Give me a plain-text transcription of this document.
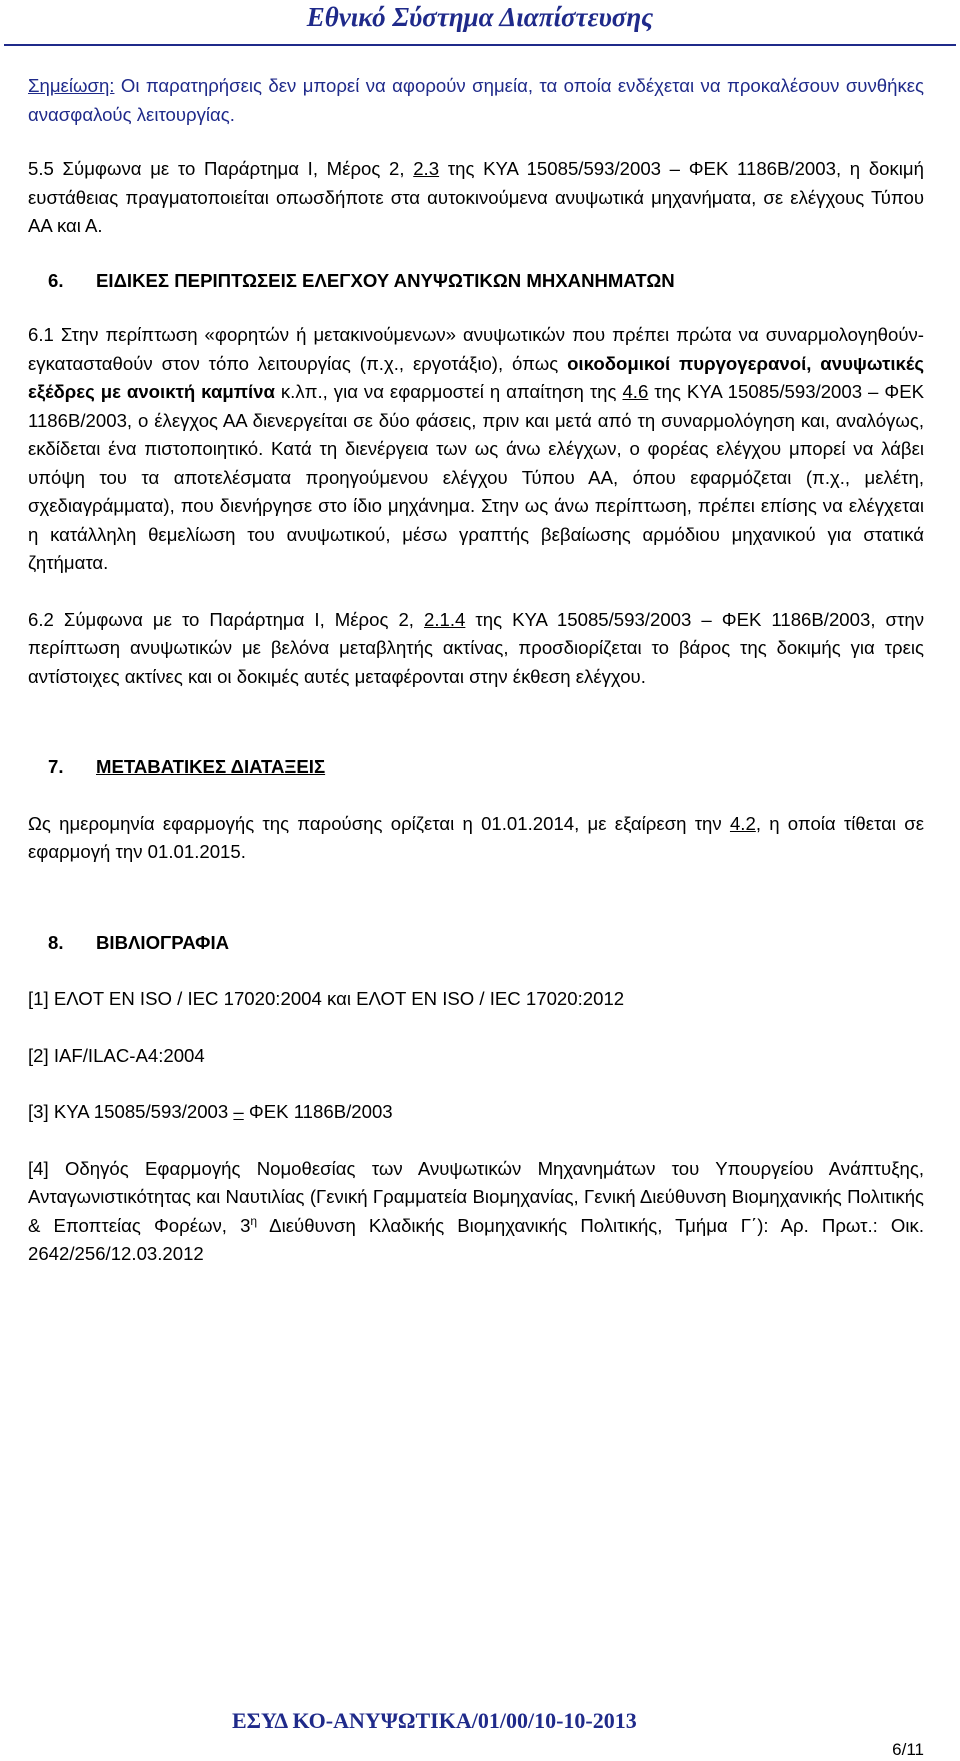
Εθνικό Σύστημα Διαπίστευσης

Σημείωση: Οι παρατηρήσεις δεν μπορεί να αφορούν σημεία, τα οποία ενδέχεται να προκαλέσουν συνθήκες ανασφαλούς λειτουργίας.

5.5 Σύμφωνα με το Παράρτημα Ι, Μέρος 2, 2.3 της ΚΥΑ 15085/593/2003 – ΦΕΚ 1186Β/2003, η δοκιμή ευστάθειας πραγματοποιείται οπωσδήποτε στα αυτοκινούμενα ανυψωτικά μηχανήματα, σε ελέγχους Τύπου ΑΑ και Α.

6. ΕΙΔΙΚΕΣ ΠΕΡΙΠΤΩΣΕΙΣ ΕΛΕΓΧΟΥ ΑΝΥΨΩΤΙΚΩΝ ΜΗΧΑΝΗΜΑΤΩΝ

6.1 Στην περίπτωση «φορητών ή μετακινούμενων» ανυψωτικών που πρέπει πρώτα να συναρμολογηθούν-εγκατασταθούν στον τόπο λειτουργίας (π.χ., εργοτάξιο), όπως οικοδομικοί πυργογερανοί, ανυψωτικές εξέδρες με ανοικτή καμπίνα κ.λπ., για να εφαρμοστεί η απαίτηση της 4.6 της ΚΥΑ 15085/593/2003 – ΦΕΚ 1186Β/2003, ο έλεγχος ΑΑ διενεργείται σε δύο φάσεις, πριν και μετά από τη συναρμολόγηση και, αναλόγως, εκδίδεται ένα πιστοποιητικό. Κατά τη διενέργεια των ως άνω ελέγχων, ο φορέας ελέγχου μπορεί να λάβει υπόψη του τα αποτελέσματα προηγούμενου ελέγχου Τύπου ΑΑ, όπου εφαρμόζεται (π.χ., μελέτη, σχεδιαγράμματα), που διενήργησε στο ίδιο μηχάνημα. Στην ως άνω περίπτωση, πρέπει επίσης να ελέγχεται η κατάλληλη θεμελίωση του ανυψωτικού, μέσω γραπτής βεβαίωσης αρμόδιου μηχανικού για στατικά ζητήματα.

6.2 Σύμφωνα με το Παράρτημα Ι, Μέρος 2, 2.1.4 της ΚΥΑ 15085/593/2003 – ΦΕΚ 1186Β/2003, στην περίπτωση ανυψωτικών με βελόνα μεταβλητής ακτίνας, προσδιορίζεται το βάρος της δοκιμής για τρεις αντίστοιχες ακτίνες και οι δοκιμές αυτές μεταφέρονται στην έκθεση ελέγχου.

7. ΜΕΤΑΒΑΤΙΚΕΣ ΔΙΑΤΑΞΕΙΣ

Ως ημερομηνία εφαρμογής της παρούσης ορίζεται η 01.01.2014, με εξαίρεση την 4.2, η οποία τίθεται σε εφαρμογή την 01.01.2015.

8. ΒΙΒΛΙΟΓΡΑΦΙΑ

[1] ΕΛΟΤ EN ISO / IEC 17020:2004 και ΕΛΟΤ EN ISO / IEC 17020:2012

[2] IAF/ILAC-A4:2004

[3] ΚΥΑ 15085/593/2003 – ΦΕΚ 1186Β/2003

[4] Οδηγός Εφαρμογής Νομοθεσίας των Ανυψωτικών Μηχανημάτων του Υπουργείου Ανάπτυξης, Ανταγωνιστικότητας και Ναυτιλίας (Γενική Γραμματεία Βιομηχανίας, Γενική Διεύθυνση Βιομηχανικής Πολιτικής & Εποπτείας Φορέων, $3^\eta$ Διεύθυνση Κλαδικής Βιομηχανικής Πολιτικής, Τμήμα Γ΄): Αρ. Πρωτ.: Οικ. 2642/256/12.03.2012

ΕΣΥΔ ΚΟ-ΑΝΥΨΩΤΙΚΑ/01/00/10-10-2013
6/11
